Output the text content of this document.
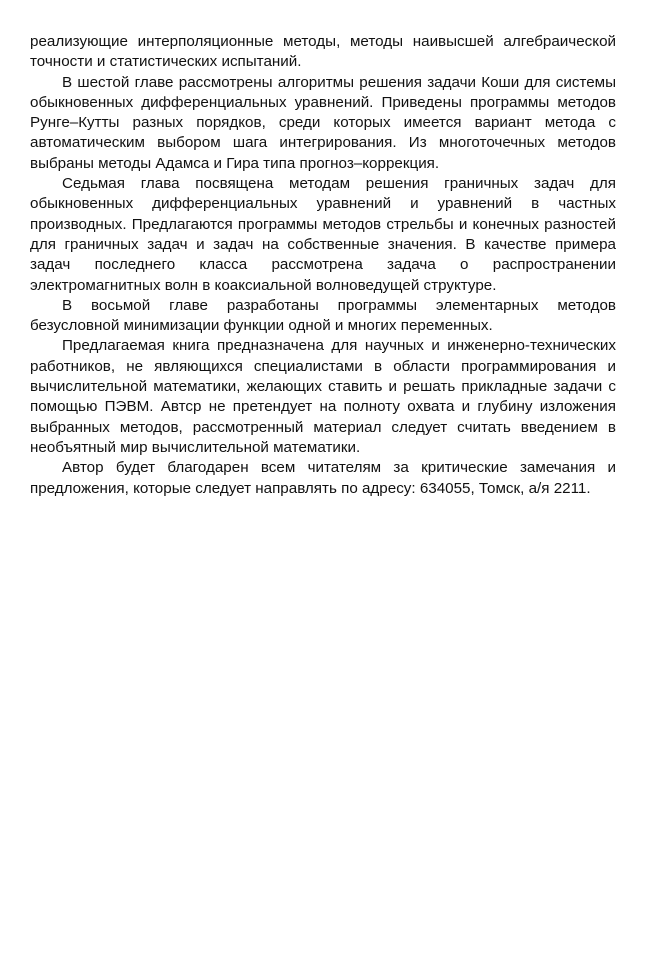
реализующие интерполяционные методы, методы наивысшей алгебраической точности и статистических испытаний.

В шестой главе рассмотрены алгоритмы решения задачи Коши для системы обыкновенных дифференциальных уравнений. Приведены программы методов Рунге–Кутты разных порядков, среди которых имеется вариант метода с автоматическим выбором шага интегрирования. Из многоточечных методов выбраны методы Адамса и Гира типа прогноз–коррекция.

Седьмая глава посвящена методам решения граничных задач для обыкновенных дифференциальных уравнений и уравнений в частных производных. Предлагаются программы методов стрельбы и конечных разностей для граничных задач и задач на собственные значения. В качестве примера задач последнего класса рассмотрена задача о распространении электромагнитных волн в коаксиальной волноведущей структуре.

В восьмой главе разработаны программы элементарных методов безусловной минимизации функции одной и многих переменных.

Предлагаемая книга предназначена для научных и инженерно-технических работников, не являющихся специалистами в области программирования и вычислительной математики, желающих ставить и решать прикладные задачи с помощью ПЭВМ. Автср не претендует на полноту охвата и глубину изложения выбранных методов, рассмотренный материал следует считать введением в необъятный мир вычислительной математики.

Автор будет благодарен всем читателям за критические замечания и предложения, которые следует направлять по адресу: 634055, Томск, а/я 2211.
